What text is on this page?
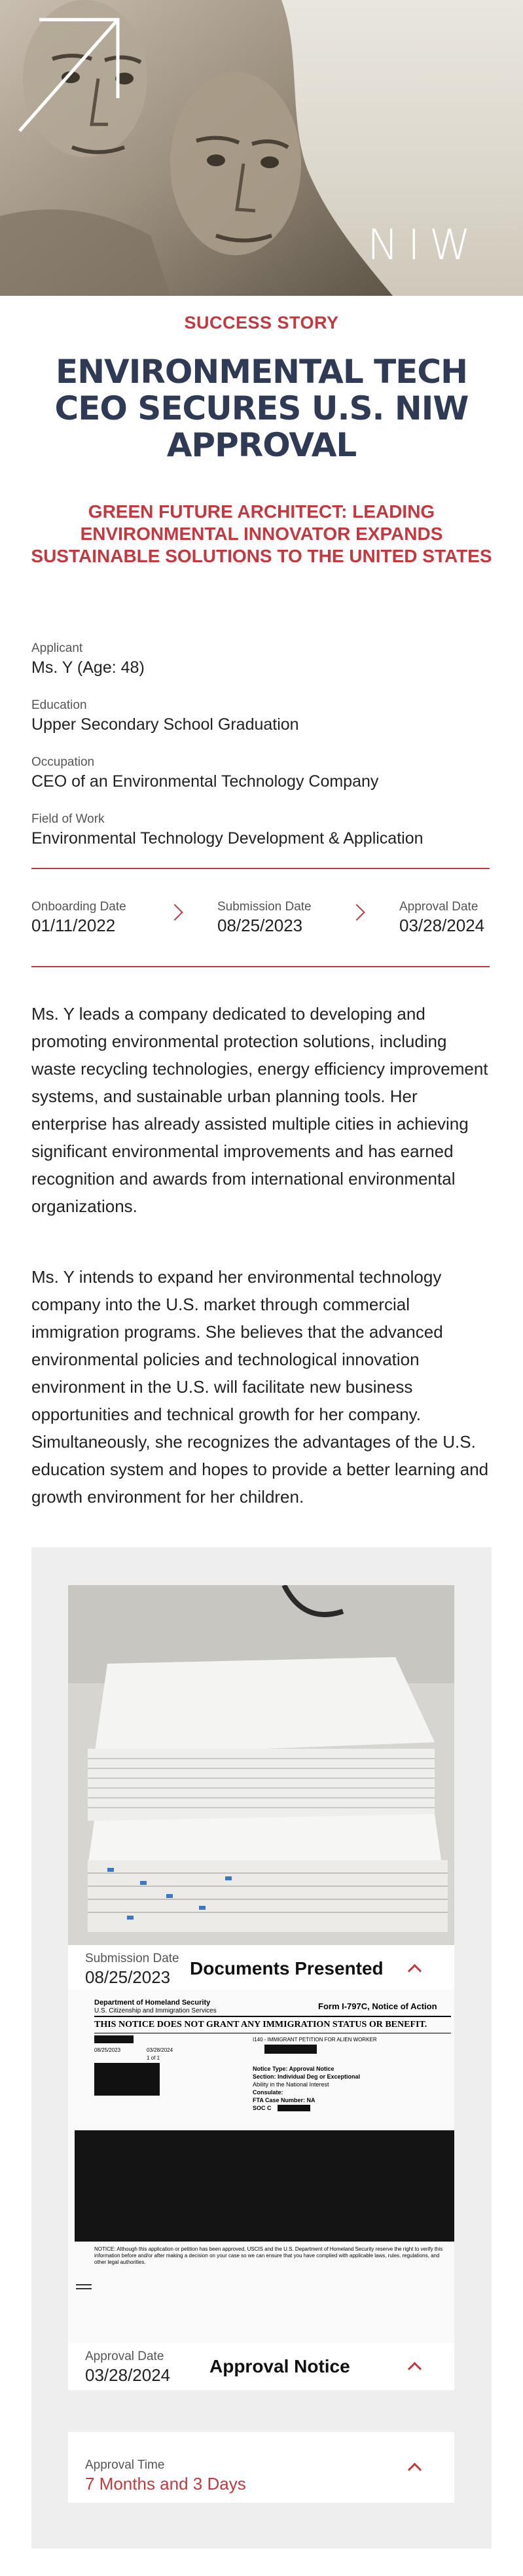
NIW
SUCCESS STORY
ENVIRONMENTAL TECH CEO SECURES U.S. NIW APPROVAL
GREEN FUTURE ARCHITECT: LEADING ENVIRONMENTAL INNOVATOR EXPANDS SUSTAINABLE SOLUTIONS TO THE UNITED STATES
Applicant
Ms. Y (Age: 48)
Education
Upper Secondary School Graduation
Occupation
CEO of an Environmental Technology Company
Field of Work
Environmental Technology Development & Application
Onboarding Date
01/11/2022
Submission Date
08/25/2023
Approval Date
03/28/2024
Ms. Y leads a company dedicated to developing and promoting environmental protection solutions, including waste recycling technologies, energy efficiency improvement systems, and sustainable urban planning tools. Her enterprise has already assisted multiple cities in achieving significant environmental improvements and has earned recognition and awards from international environmental organizations.
Ms. Y intends to expand her environmental technology company into the U.S. market through commercial immigration programs. She believes that the advanced environmental policies and technological innovation environment in the U.S. will facilitate new business opportunities and technical growth for her company. Simultaneously, she recognizes the advantages of the U.S. education system and hopes to provide a better learning and growth environment for her children.
Submission Date
08/25/2023 Documents Presented
Department of Homeland Security
U.S. Citizenship and Immigration Services	Form I-797C, Notice of Action
THIS NOTICE DOES NOT GRANT ANY IMMIGRATION STATUS OR BENEFIT.
I140 - IMMIGRANT PETITION FOR ALIEN WORKER
08/25/2023	03/28/2024
1 of 1
Notice Type: Approval Notice
Section: Individual Deg or Exceptional
Ability in the National Interest
Consulate:
FTA Case Number: NA
SOC C
NOTICE: Although this application or petition has been approved, USCIS and the U.S. Department of Homeland Security reserve the right to verify this information before and/or after making a decision on your case so we can ensure that you have complied with applicable laws, rules, regulations, and other legal authorities.
Approval Date
03/28/2024 Approval Notice
Approval Time
7 Months and 3 Days
